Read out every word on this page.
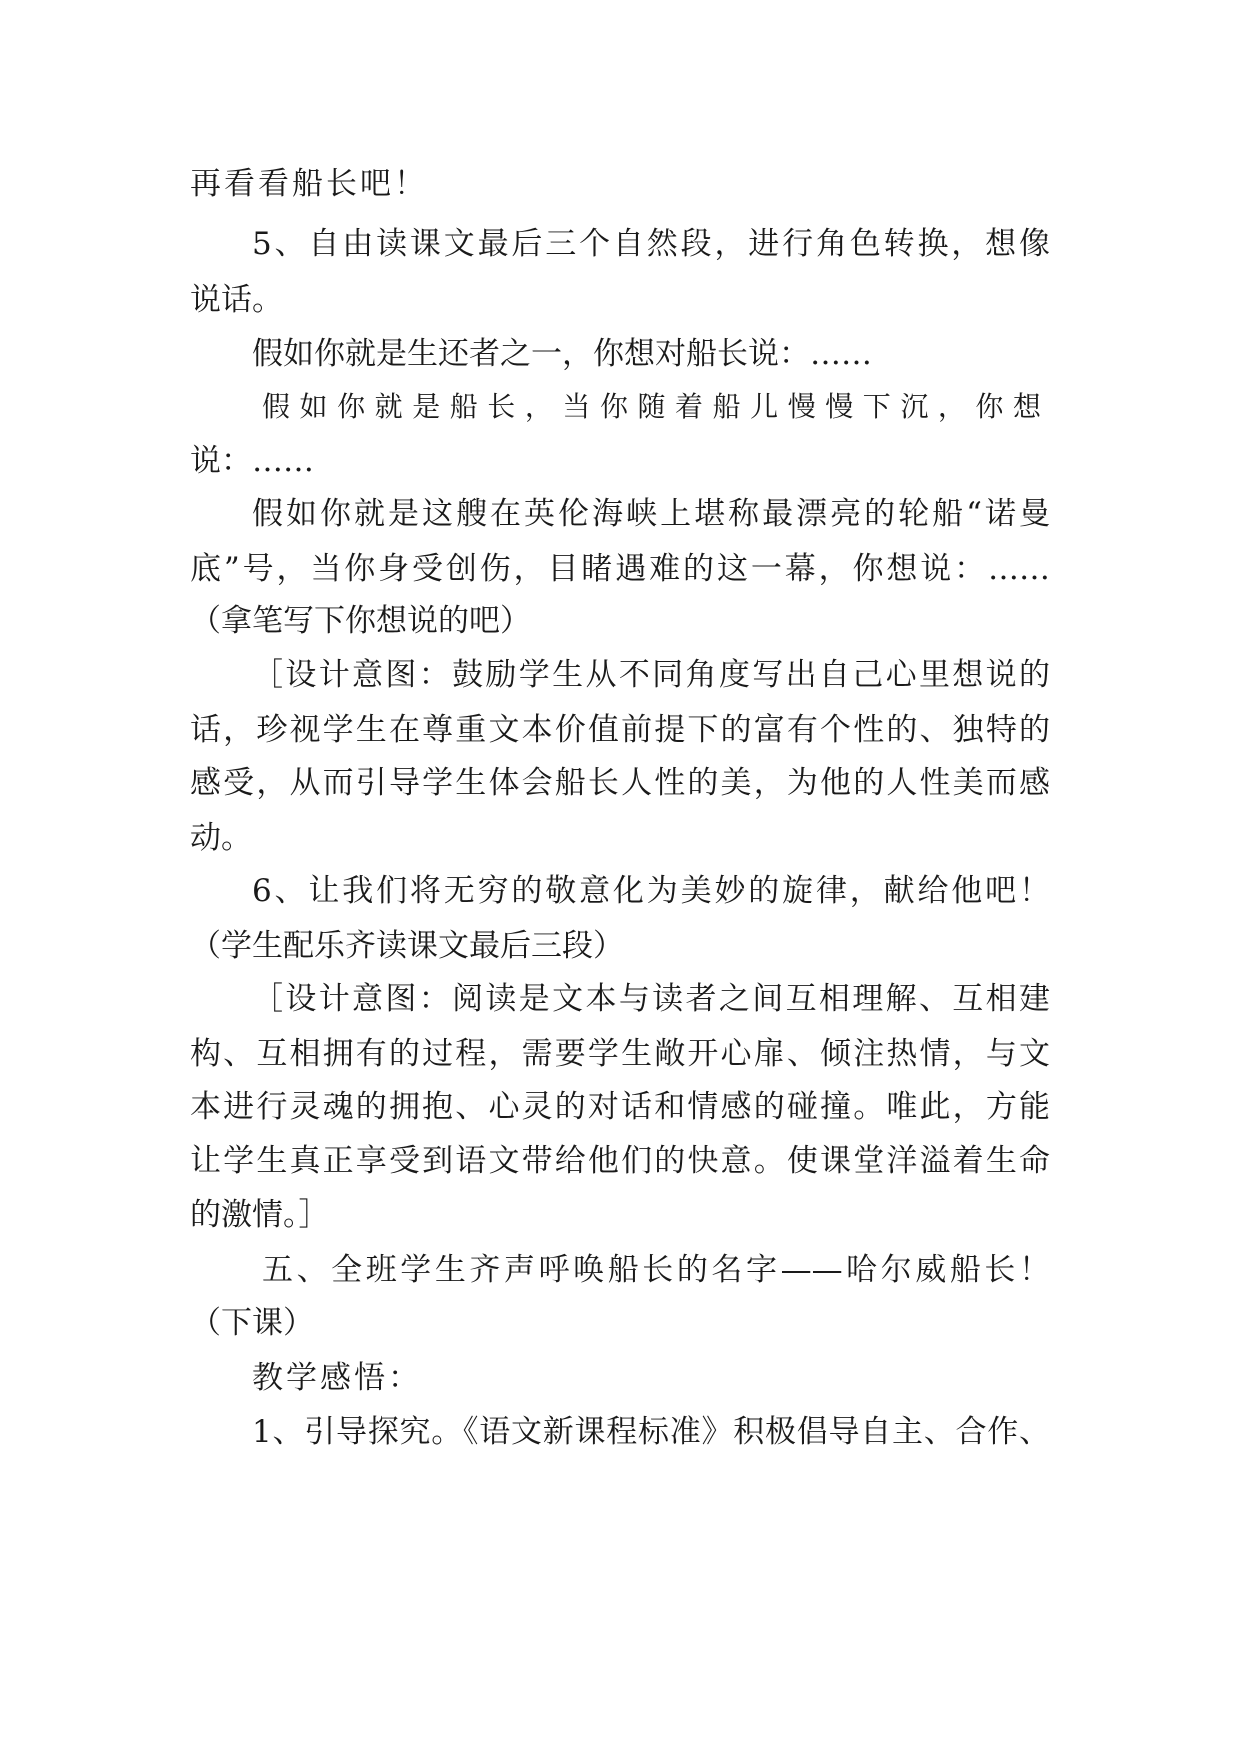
再看看船长吧！
5、自由读课文最后三个自然段，进行角色转换，想像
说话。
假如你就是生还者之一，你想对船长说：……
假如你就是船长，当你随着船儿慢慢下沉，你想
说：……
假如你就是这艘在英伦海峡上堪称最漂亮的轮船“诺曼
底”号，当你身受创伤，目睹遇难的这一幕，你想说：……
（拿笔写下你想说的吧）
［设计意图：鼓励学生从不同角度写出自己心里想说的
话，珍视学生在尊重文本价值前提下的富有个性的、独特的
感受，从而引导学生体会船长人性的美，为他的人性美而感
动。
6、让我们将无穷的敬意化为美妙的旋律，献给他吧！
（学生配乐齐读课文最后三段）
［设计意图：阅读是文本与读者之间互相理解、互相建
构、互相拥有的过程，需要学生敞开心扉、倾注热情，与文
本进行灵魂的拥抱、心灵的对话和情感的碰撞。唯此，方能
让学生真正享受到语文带给他们的快意。使课堂洋溢着生命
的激情。］
五、全班学生齐声呼唤船长的名字——哈尔威船长！
（下课）
教学感悟：
1、引导探究。《语文新课程标准》积极倡导自主、合作、
